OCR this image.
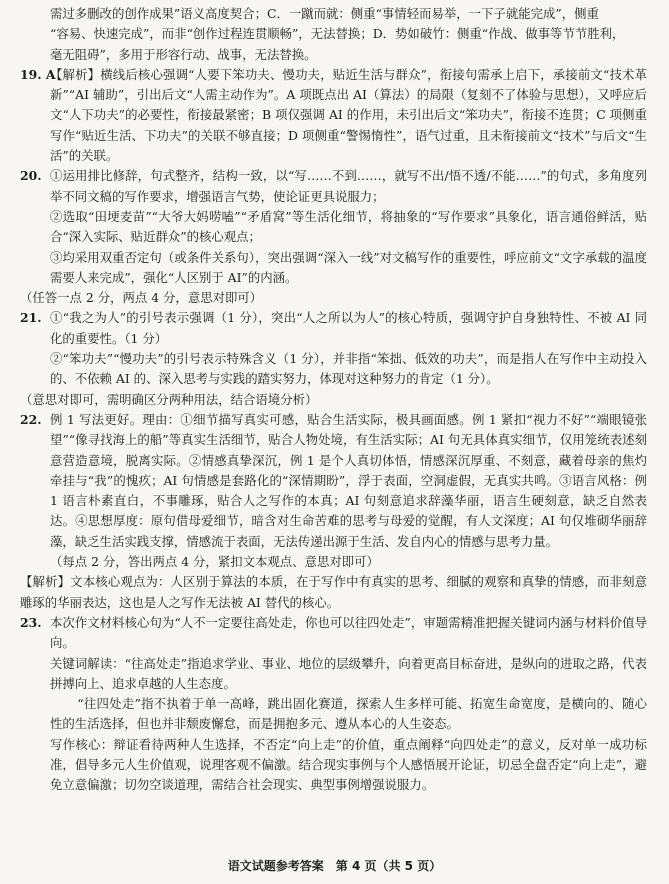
需过多删改的创作成果”语义高度契合；C．一蹴而就：侧重“事情轻而易举，一下子就能完成”，侧重

“容易、快速完成”，而非“创作过程连贯顺畅”，无法替换；D．势如破竹：侧重“作战、做事等节节胜利，

毫无阻碍”，多用于形容行动、战事，无法替换。

19. A

【解析】横线后核心强调“人要下笨功夫、慢功夫，贴近生活与群众”，衔接句需承上启下，承接前文“技术革新”“AI 辅助”，引出后文“人需主动作为”。A 项既点出 AI（算法）的局限（复刻不了体验与思想），又呼应后文“人下功夫”的必要性，衔接最紧密；B 项仅强调 AI 的作用，未引出后文“笨功夫”，衔接不连贯；C 项侧重写作“贴近生活、下功夫”的关联不够直接；D 项侧重“警惕惰性”，语气过重，且未衔接前文“技术”与后文“生活”的关联。

20. ①运用排比修辞，句式整齐，结构一致，以“写……不到……，就写不出/悟不透/不能……”的句式，多角度列举不同文稿的写作要求，增强语言气势，使论证更具说服力；

②选取“田埂麦苗”“大爷大妈唠嗑”“矛盾窝”等生活化细节，将抽象的“写作要求”具象化，语言通俗鲜活，贴合“深入实际、贴近群众”的核心观点；

③均采用双重否定句（或条件关系句），突出强调“深入一线”对文稿写作的重要性，呼应前文“文字承载的温度需要人来完成”，强化“人区别于 AI”的内涵。

（任答一点 2 分，两点 4 分，意思对即可）

21. ①“我之为人”的引号表示强调（1 分），突出“人之所以为人”的核心特质，强调守护自身独特性、不被 AI 同化的重要性。（1 分）

②“笨功夫”“慢功夫”的引号表示特殊含义（1 分），并非指“笨拙、低效的功夫”，而是指人在写作中主动投入的、不依赖 AI 的、深入思考与实践的踏实努力，体现对这种努力的肯定（1 分）。

（意思对即可，需明确区分两种用法，结合语境分析）

22. 例 1 写法更好。理由：①细节描写真实可感，贴合生活实际，极具画面感。例 1 紧扣“视力不好”“端眼镜张望”“像寻找海上的船”等真实生活细节，贴合人物处境，有生活实际；AI 句无具体真实细节，仅用笼统表述刻意营造意境，脱离实际。②情感真挚深沉，例 1 是个人真切体悟，情感深沉厚重、不刻意，藏着母亲的焦灼牵挂与“我”的愧疚；AI 句情感是套路化的“深情期盼”，浮于表面，空洞虚假，无真实共鸣。③语言风格：例 1 语言朴素直白，不事雕琢，贴合人之写作的本真；AI 句刻意追求辞藻华丽，语言生硬刻意，缺乏自然表达。④思想厚度：原句借母爱细节，暗含对生命苦难的思考与母爱的觉醒，有人文深度；AI 句仅堆砌华丽辞藻，缺乏生活实践支撑，情感流于表面，无法传递出源于生活、发自内心的情感与思考力量。

（每点 2 分，答出两点 4 分，紧扣文本观点、意思对即可）

【解析】文本核心观点为：人区别于算法的本质，在于写作中有真实的思考、细腻的观察和真挚的情感，而非刻意雕琢的华丽表达，这也是人之写作无法被 AI 替代的核心。

23. 本次作文材料核心句为“人不一定要往高处走，你也可以往四处走”，审题需精准把握关键词内涵与材料价值导向。

关键词解读：“往高处走”指追求学业、事业、地位的层级攀升，向着更高目标奋进，是纵向的进取之路，代表拼搏向上、追求卓越的人生态度。

“往四处走”指不执着于单一高峰，跳出固化赛道，探索人生多样可能、拓宽生命宽度，是横向的、随心性的生活选择，但也并非颓废懈怠，而是拥抱多元、遵从本心的人生姿态。

写作核心：辩证看待两种人生选择，不否定“向上走”的价值，重点阐释“向四处走”的意义，反对单一成功标准，倡导多元人生价值观，说理客观不偏激。结合现实事例与个人感悟展开论证，切忌全盘否定“向上走”，避免立意偏激；切勿空谈道理，需结合社会现实、典型事例增强说服力。

语文试题参考答案　第 4 页（共 5 页）
